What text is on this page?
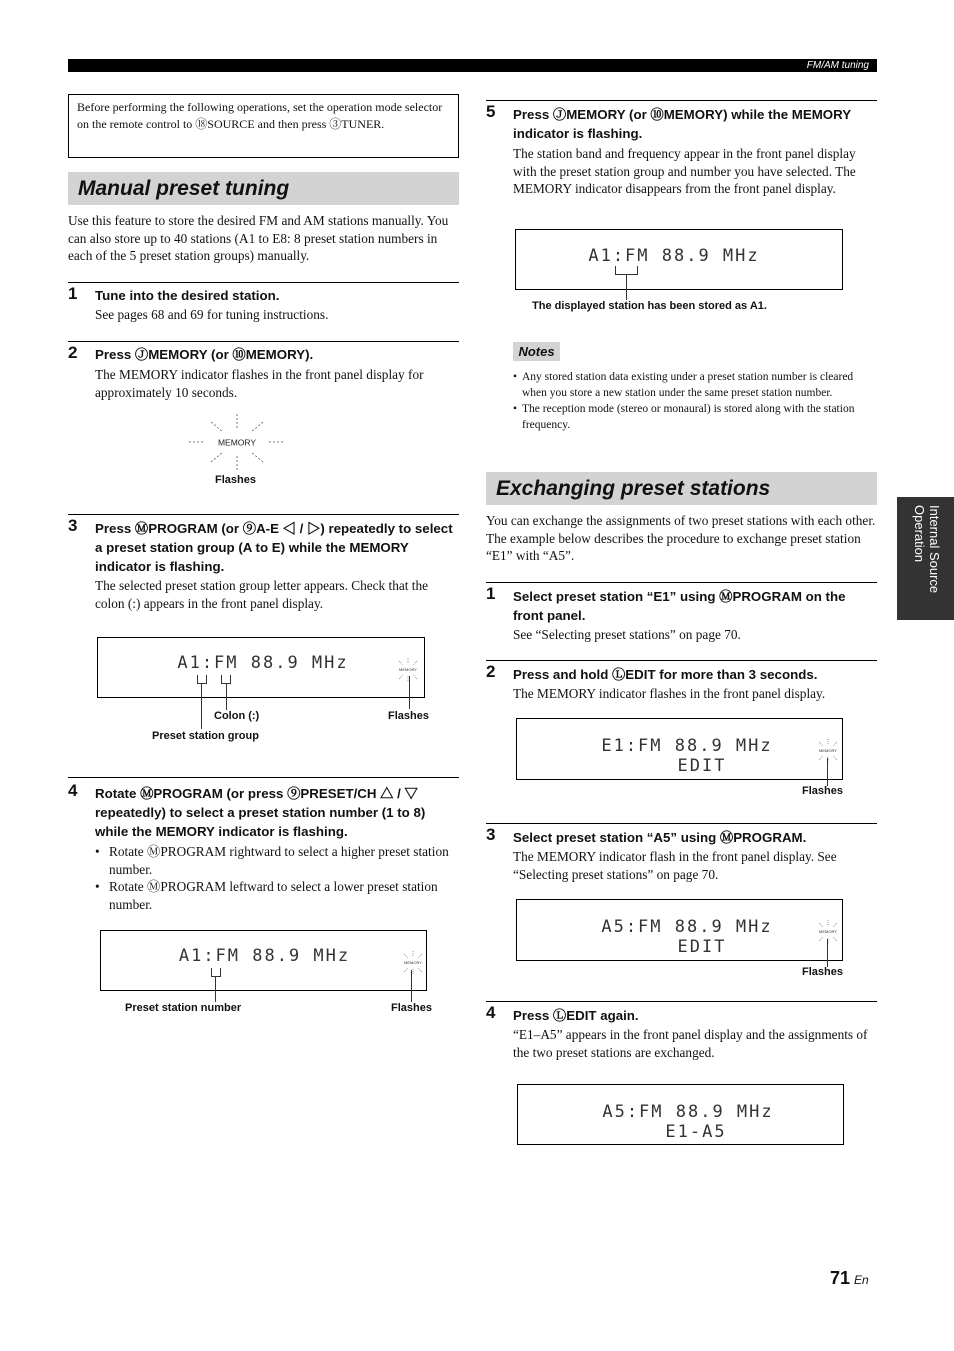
FM/AM tuning
Before performing the following operations, set the operation mode selector on the remote control to ⑱SOURCE and then press ③TUNER.
Manual preset tuning
Use this feature to store the desired FM and AM stations manually. You can also store up to 40 stations (A1 to E8: 8 preset station numbers in each of the 5 preset station groups) manually.
1 Tune into the desired station.
See pages 68 and 69 for tuning instructions.
2 Press ⒿMEMORY (or ⑩MEMORY).
The MEMORY indicator flashes in the front panel display for approximately 10 seconds.
MEMORY
Flashes
3 Press ⓂPROGRAM (or ⑨A-E ◁ / ▷) repeatedly to select a preset station group (A to E) while the MEMORY indicator is flashing.
The selected preset station group letter appears. Check that the colon (:) appears in the front panel display.
A1:FM 88.9 MHz	MEMORY
Colon (:)	Flashes
Preset station group
4 Rotate ⓂPROGRAM (or press ⑨PRESET/CH △ / ▽ repeatedly) to select a preset station number (1 to 8) while the MEMORY indicator is flashing.
• Rotate ⓂPROGRAM rightward to select a higher preset station number.
• Rotate ⓂPROGRAM leftward to select a lower preset station number.
A1:FM 88.9 MHz	MEMORY
Preset station number	Flashes
5 Press ⒿMEMORY (or ⑩MEMORY) while the MEMORY indicator is flashing.
The station band and frequency appear in the front panel display with the preset station group and number you have selected. The MEMORY indicator disappears from the front panel display.
A1:FM 88.9 MHz
The displayed station has been stored as A1.
Notes
• Any stored station data existing under a preset station number is cleared when you store a new station under the same preset station number.
• The reception mode (stereo or monaural) is stored along with the station frequency.
Exchanging preset stations
You can exchange the assignments of two preset stations with each other. The example below describes the procedure to exchange preset station “E1” with “A5”.
1 Select preset station “E1” using ⓂPROGRAM on the front panel.
See “Selecting preset stations” on page 70.
2 Press and hold ⓁEDIT for more than 3 seconds.
The MEMORY indicator flashes in the front panel display.
E1:FM 88.9 MHz
EDIT
MEMORY
Flashes
3 Select preset station “A5” using ⓂPROGRAM.
The MEMORY indicator flash in the front panel display. See “Selecting preset stations” on page 70.
A5:FM 88.9 MHz
EDIT
MEMORY
Flashes
4 Press ⓁEDIT again.
“E1–A5” appears in the front panel display and the assignments of the two preset stations are exchanged.
A5:FM 88.9 MHz
E1-A5
Internal Source Operation
71 En
